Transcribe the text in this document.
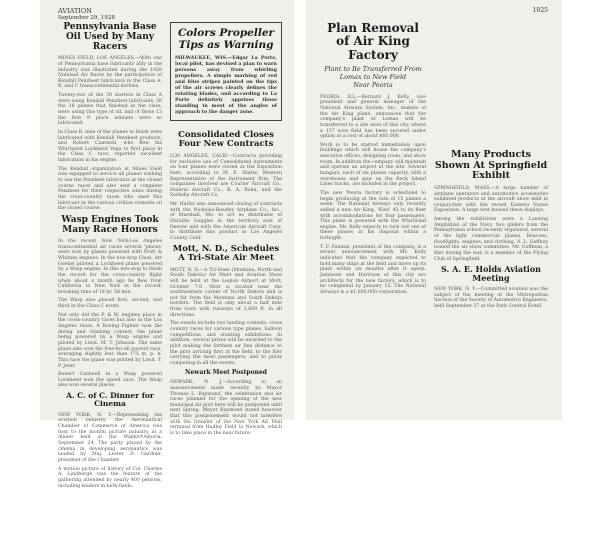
AVIATION
September 29, 1928
Pennsylvania Base Oil Used by Many Racers

MINES FIELD, LOS ANGELES.—With one of Pennsylvania base lubricants ably in the industry was illustrated during the 1928 National Air Races by the participation of Kendall Penzbest lubricants in the Class A, B, and C transcontinental derbies.

Twenty-two of the 39 starters in Class A were using Kendall Penzbest lubricants. Of the 18 planes that finished in the class, were using this type of oil, and of those 13 the first 9 place winners were so lubricated.

In Class B, nine of the planes to finish were lubricated with Kendall Penzbest products, and Robert Cantwell, who flew his Whirlwind Lockheed Vega to first place in the Class C race, reported excellent lubrication in his engine.

The Kendall organization at Mines Field was equipped to service all planes wishing to use the Penzbest lubricants at the closed course races and also sent a complete Penzbest for their respective sales during the cross-country races who used this lubricant in the various civilian contests on the closed course.

Wasp Engines Took Many Race Honors

In the recent New York-Los Angeles transcontinental air races several 'places' were won by planes powered with Pratt & Whitney engines. In the non-stop Class, Art Goebel piloted a Lockheed plane powered by a Wasp engine. In this non-stop to finish the record for the cross-country flight when about a month ago he flew from California to New York in the record-breaking time of 18 hr. 58 min.

The Wasp also placed first, second, and third in the Class C event.

Not only did the P. & W. engines place in the cross-country races but also in the Los Angeles races. A Boeing Fighter won the diving and climbing contest, the plane being powered by a Wasp engine and piloted by Lieut. M. T. Johnson. The same plane also won the free-for-all pursuit race, averaging slightly less than 175 m. p. h. This race the plane was piloted by Lieut. T. P. Jeter.

Robert Cantwell in a Wasp powered Lockheed won the speed race. The Wasp also won several places.

A. C. of C. Dinner for Cinema

NEW YORK, N. Y.—Representing the aviation industry, the Aeronautical Chamber of Commerce of America was host to the motion picture industry at a dinner held at the Waldorf-Astoria, September 24. The party played by the cinema in developing aeronautics was lauded by Maj. Lester D. Gardner, president of the Chamber.

A motion picture of history of Col. Charles A. Lindbergh was the feature of the gathering attended by nearly 400 persons, including leaders in both fields.

Colors Propeller Tips as Warning

MILWAUKEE, WIS.—Edgar La Porte, local pilot, has devised a plan to warn persons away from whirling propellers. A simple marking of red and blue stripes painted on the tips of the air screws clearly defines the rotating blades, and according to La Porte definitely apprises those standing in most of the angles of approach to the danger zone.

Consolidated Closes Four New Contracts

LOS ANGELES, CALIF.—Contracts providing for exclusive use of Consolidated instruments on four planes were closed at the Exposition here, according to M. E. Hatler, Western Representative of the instrument firm. The companies involved are Courier Aircraft Co., Federal Aircraft Co., B. A. Rohn, and the Sorkeby Aircraft Co.

Mr. Hatler also announced closing of contracts with the Nicholas-Beazley Airplane Co., Inc., of Marshall, Mo. to act as distributor of Duralite Goggles in the territory east of Denver and with the American Aircraft Corp. to distribute this product in Los Angeles County, Calif.

Mott, N. D., Schedules A Tri-State Air Meet

MOTT, N. D.—A Tri-State (Montana, North and South Dakota) Air Meet and Aviation Show will be held at the Legion Airport at Mott, October 7-8. Mott is located near the southwestern corner of North Dakota and is not far from the Montana and South Dakota borders. The field is only about a half mile from town with runways of 2,600 ft. in all directions.

The events include two landing contests, cross country races for various type planes, balloon competitions, and stunting exhibitions. In addition, several prizes will be awarded to the pilot making the farthest air line distance to the pilot arriving first at the field, to the flier carrying the most passengers, and to pilots competing in all the events.

Newark Meet Postponed

NEWARK, N. J.—According to an announcement made recently by Mayor Thomas L. Raymond, the celebration and air races planned for the opening of the new municipal air port here will be postponed until next Spring. Mayor Raymond stated however that this postponement would not interfere with the transfer of the New York Air Mail terminal from Hadley Field to Newark, which is to take place in the near future.

1025
Plan Removal of Air King Factory
Plant to Be Transferred From
Lomax to New Field
Near Peoria

PEORIA, ILL.—Bernard J. Kelly, vice president and general manager of the National Airways System, Inc., makers of the Air King plane, announces that the company's plant at Lomax will be transferred to a site west of this city, where a 137 acre field has been secured under option at a cost of about $60,000.

Work is to be started immediately upon buildings which will house the company's executive offices, designing room, and show room. In addition the company will maintain and operate an airport at the site. Several hangars, each of six planes capacity, with a warehouse and spur on the Rock Island Lines tracks, are included in the project.

The new Peoria factory is scheduled to begin producing at the rate of 15 planes a week. The National Airways only recently added a new Air King, 'Kiwi' 45 to its fleet with accommodations for four passengers. This plane is powered with the Whirlwind engine. Mr. Kelly expects to turn out one of these planes at his disposal within a fortnight.

T. F. Fannon, president of the company, is a recent announcement with Mr. Kelly indicated that the company expected to hold many ships at the field and move up its plant within six months after it opens. Jamieson and Harrison of this city are architects for the new factory, which is to be completed by January 15. The National Airways is a $1,000,000 corporation.

Many Products Shown At Springfield Exhibit

SPRINGFIELD, MASS.—A large number of airplane operators and automotive accessories exhibited products at the aircraft show held in conjunction with the recent Eastern States Exposition. A huge tent housed these displays.

Among the exhibitions were a Loening Amphibian of the Navy, two gliders from the Pennsylvania school recently organized, several of the light commercial planes, Beacons, floodlights, engines, and clothing. A. L. Gaffney loaned the air show committee, Mr. Coffman, a flier during the war, is a member of the Flying Club of Springfield.

S. A. E. Holds Aviation Meeting

NEW YORK, N. Y.—Committed aviation was the subject of the meeting of the Metropolitan Section of the Society of Automotive Engineers, held September 27 at the Park Central Hotel.
